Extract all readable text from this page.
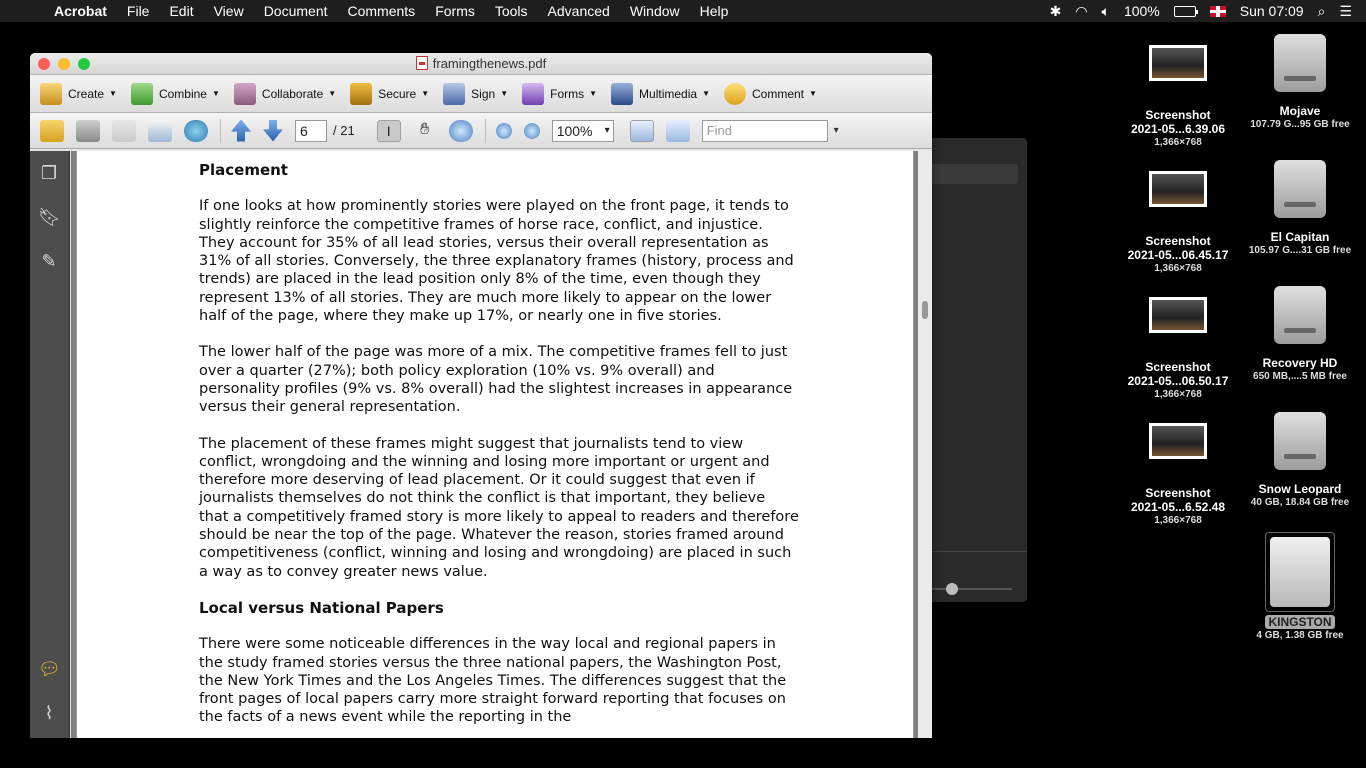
Acrobat File Edit View Document Comments Forms Tools Advanced Window Help	✱ ◠ 🔈︎ 100%	Sun 07:09 ⌕ ☰
framingthenews.pdf
Create ▼	Combine ▼	Collaborate ▼	Secure ▼	Sign ▼	Forms ▼	Multimedia ▼	Comment ▼
6	/ 21	I	✋︎	100% ▾	Find ▾
❐
🔖︎
✎
💬︎
⌇
Placement

If one looks at how prominently stories were played on the front page, it tends to slightly reinforce the competitive frames of horse race, conflict, and injustice. They account for 35% of all lead stories, versus their overall representation as 31% of all stories. Conversely, the three explanatory frames (history, process and trends) are placed in the lead position only 8% of the time, even though they represent 13% of all stories. They are much more likely to appear on the lower half of the page, where they make up 17%, or nearly one in five stories.

The lower half of the page was more of a mix. The competitive frames fell to just over a quarter (27%); both policy exploration (10% vs. 9% overall) and personality profiles (9% vs. 8% overall) had the slightest increases in appearance versus their general representation.

The placement of these frames might suggest that journalists tend to view conflict, wrongdoing and the winning and losing more important or urgent and therefore more deserving of lead placement. Or it could suggest that even if journalists themselves do not think the conflict is that important, they believe that a competitively framed story is more likely to appeal to readers and therefore should be near the top of the page. Whatever the reason, stories framed around competitiveness (conflict, winning and losing and wrongdoing) are placed in such a way as to convey greater news value.

Local versus National Papers

There were some noticeable differences in the way local and regional papers in the study framed stories versus the three national papers, the Washington Post, the New York Times and the Los Angeles Times. The differences suggest that the front pages of local papers carry more straight forward reporting that focuses on the facts of a news event while the reporting in the

Screenshot
2021-05...6.39.06
1,366×768
Screenshot
2021-05...06.45.17
1,366×768
Screenshot
2021-05...06.50.17
1,366×768
Screenshot
2021-05...6.52.48
1,366×768
Mojave
107.79 G...95 GB free
El Capitan
105.97 G....31 GB free
Recovery HD
650 MB,....5 MB free
Snow Leopard
40 GB, 18.84 GB free
KINGSTON
4 GB, 1.38 GB free
